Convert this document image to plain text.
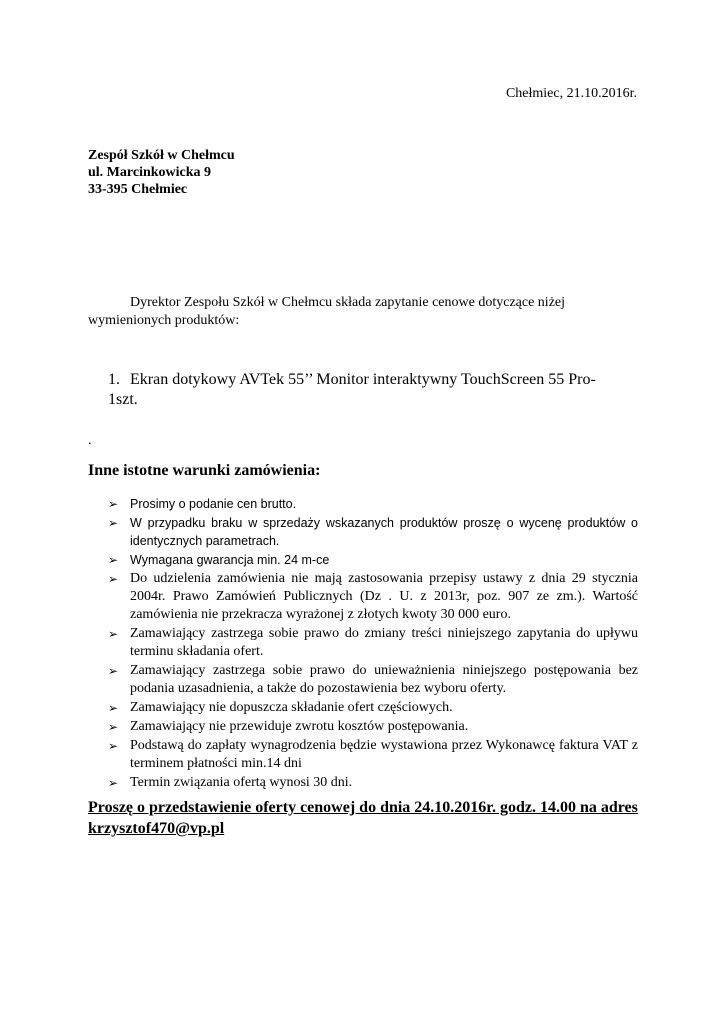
Chełmiec, 21.10.2016r.
Zespół Szkół w Chełmcu
ul. Marcinkowicka 9
33-395 Chełmiec
Dyrektor Zespołu Szkół w Chełmcu składa zapytanie cenowe dotyczące niżej wymienionych produktów:
1. Ekran dotykowy AVTek 55’’ Monitor interaktywny TouchScreen 55 Pro- 1szt.
.
Inne istotne warunki zamówienia:
➢ Prosimy o podanie cen brutto.
➢ W przypadku braku w sprzedaży wskazanych produktów proszę o wycenę produktów o identycznych parametrach.
➢ Wymagana gwarancja min. 24 m-ce
➢ Do udzielenia zamówienia nie mają zastosowania przepisy ustawy z dnia 29 stycznia 2004r. Prawo Zamówień Publicznych (Dz . U. z 2013r, poz. 907 ze zm.). Wartość zamówienia nie przekracza wyrażonej z złotych kwoty 30 000 euro.
➢ Zamawiający zastrzega sobie prawo do zmiany treści niniejszego zapytania do upływu terminu składania ofert.
➢ Zamawiający zastrzega sobie prawo do unieważnienia niniejszego postępowania bez podania uzasadnienia, a także do pozostawienia bez wyboru oferty.
➢ Zamawiający nie dopuszcza składanie ofert częściowych.
➢ Zamawiający nie przewiduje zwrotu kosztów postępowania.
➢ Podstawą do zapłaty wynagrodzenia będzie wystawiona przez Wykonawcę faktura VAT z terminem płatności min.14 dni
➢ Termin związania ofertą wynosi 30 dni.
Proszę o przedstawienie oferty cenowej do dnia 24.10.2016r. godz. 14.00 na adres krzysztof470@vp.pl
